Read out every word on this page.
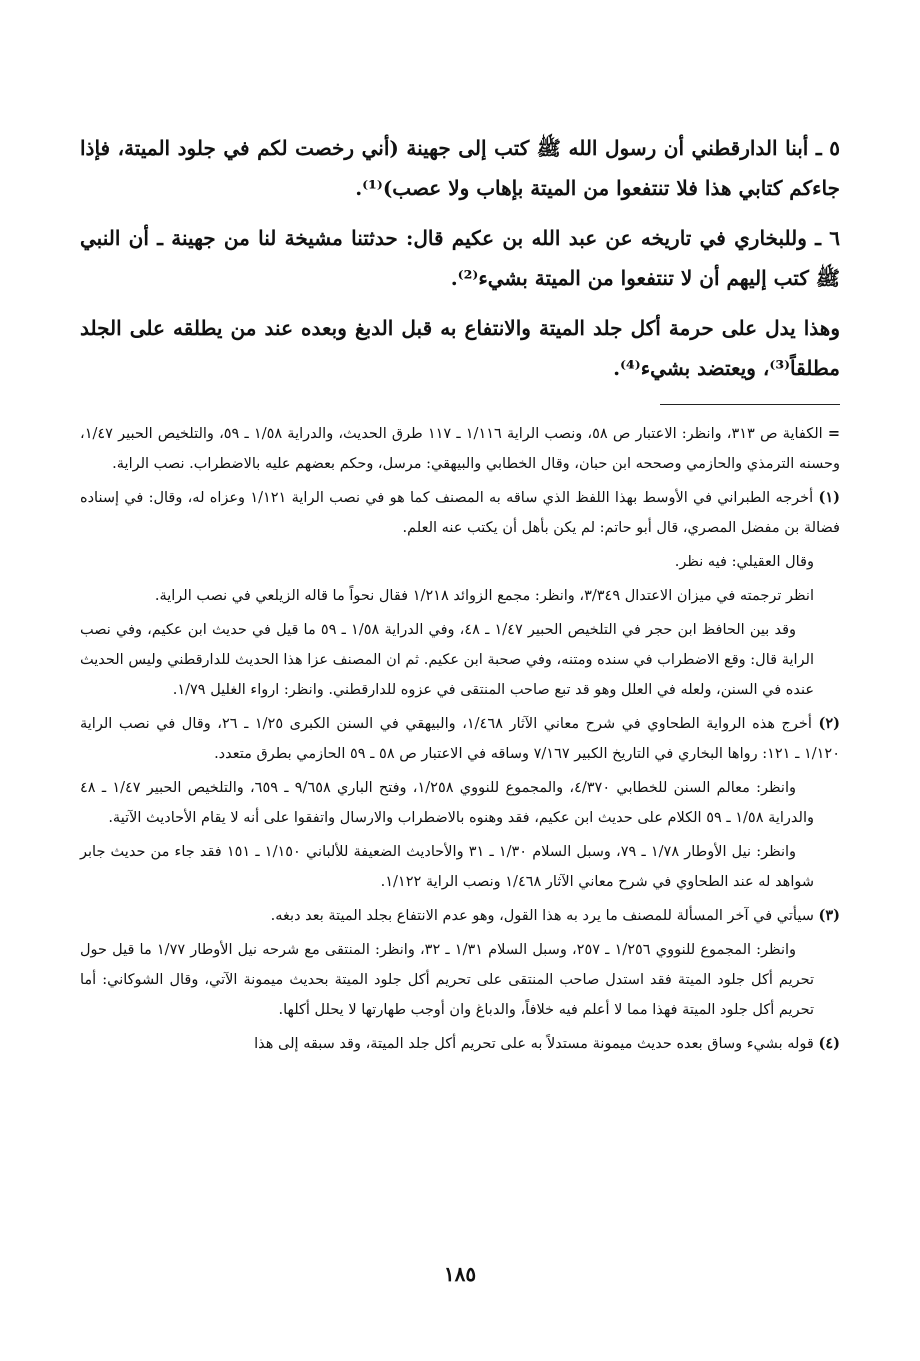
٥ ـ أبنا الدارقطني أن رسول الله ﷺ كتب إلى جهينة (أني رخصت لكم في جلود الميتة، فإذا جاءكم كتابي هذا فلا تنتفعوا من الميتة بإهاب ولا عصب)⁽¹⁾.

٦ ـ وللبخاري في تاريخه عن عبد الله بن عكيم قال: حدثتنا مشيخة لنا من جهينة ـ أن النبي ﷺ كتب إليهم أن لا تنتفعوا من الميتة بشيء⁽²⁾.

وهذا يدل على حرمة أكل جلد الميتة والانتفاع به قبل الدبغ وبعده عند من يطلقه على الجلد مطلقاً⁽³⁾، ويعتضد بشيء⁽⁴⁾.

= الكفاية ص ٣١٣، وانظر: الاعتبار ص ٥٨، ونصب الراية ١/١١٦ ـ ١١٧ طرق الحديث، والدراية ١/٥٨ ـ ٥٩، والتلخيص الحبير ١/٤٧، وحسنه الترمذي والحازمي وصححه ابن حبان، وقال الخطابي والبيهقي: مرسل، وحكم بعضهم عليه بالاضطراب. نصب الراية.

(١) أخرجه الطبراني في الأوسط بهذا اللفظ الذي ساقه به المصنف كما هو في نصب الراية ١/١٢١ وعزاه له، وقال: في إسناده فضالة بن مفضل المصري، قال أبو حاتم: لم يكن بأهل أن يكتب عنه العلم.

وقال العقيلي: فيه نظر.

انظر ترجمته في ميزان الاعتدال ٣/٣٤٩، وانظر: مجمع الزوائد ١/٢١٨ فقال نحواً ما قاله الزيلعي في نصب الراية.

وقد بين الحافظ ابن حجر في التلخيص الحبير ١/٤٧ ـ ٤٨، وفي الدراية ١/٥٨ ـ ٥٩ ما قيل في حديث ابن عكيم، وفي نصب الراية قال: وقع الاضطراب في سنده ومتنه، وفي صحبة ابن عكيم. ثم ان المصنف عزا هذا الحديث للدارقطني وليس الحديث عنده في السنن، ولعله في العلل وهو قد تبع صاحب المنتقى في عزوه للدارقطني. وانظر: ارواء الغليل ١/٧٩.

(٢) أخرج هذه الرواية الطحاوي في شرح معاني الآثار ١/٤٦٨، والبيهقي في السنن الكبرى ١/٢٥ ـ ٢٦، وقال في نصب الراية ١/١٢٠ ـ ١٢١: رواها البخاري في التاريخ الكبير ٧/١٦٧ وساقه في الاعتبار ص ٥٨ ـ ٥٩ الحازمي بطرق متعدد.

وانظر: معالم السنن للخطابي ٤/٣٧٠، والمجموع للنووي ١/٢٥٨، وفتح الباري ٩/٦٥٨ ـ ٦٥٩، والتلخيص الحبير ١/٤٧ ـ ٤٨ والدراية ١/٥٨ ـ ٥٩ الكلام على حديث ابن عكيم، فقد وهنوه بالاضطراب والارسال واتفقوا على أنه لا يقام الأحاديث الآتية.

وانظر: نيل الأوطار ١/٧٨ ـ ٧٩، وسبل السلام ١/٣٠ ـ ٣١ والأحاديث الضعيفة للألباني ١/١٥٠ ـ ١٥١ فقد جاء من حديث جابر شواهد له عند الطحاوي في شرح معاني الآثار ١/٤٦٨ ونصب الراية ١/١٢٢.

(٣) سيأتي في آخر المسألة للمصنف ما يرد به هذا القول، وهو عدم الانتفاع بجلد الميتة بعد دبغه.

وانظر: المجموع للنووي ١/٢٥٦ ـ ٢٥٧، وسبل السلام ١/٣١ ـ ٣٢، وانظر: المنتقى مع شرحه نيل الأوطار ١/٧٧ ما قيل حول تحريم أكل جلود الميتة فقد استدل صاحب المنتقى على تحريم أكل جلود الميتة بحديث ميمونة الآتي، وقال الشوكاني: أما تحريم أكل جلود الميتة فهذا مما لا أعلم فيه خلافاً، والدباغ وان أوجب طهارتها لا يحلل أكلها.

(٤) قوله بشيء وساق بعده حديث ميمونة مستدلاً به على تحريم أكل جلد الميتة، وقد سبقه إلى هذا

١٨٥
